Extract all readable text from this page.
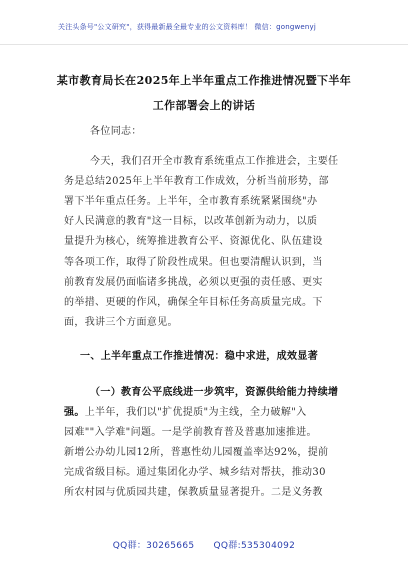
关注头条号"公文研究"，获得最新最全最专业的公文资料库！ 微信：gongwenyj
某市教育局长在2025年上半年重点工作推进情况暨下半年
工作部署会上的讲话
各位同志：
今天，我们召开全市教育系统重点工作推进会，主要任
务是总结2025年上半年教育工作成效，分析当前形势，部
署下半年重点任务。上半年，全市教育系统紧紧围绕"办
好人民满意的教育"这一目标，以改革创新为动力，以质
量提升为核心，统筹推进教育公平、资源优化、队伍建设
等各项工作，取得了阶段性成果。但也要清醒认识到，当
前教育发展仍面临诸多挑战，必须以更强的责任感、更实
的举措、更硬的作风，确保全年目标任务高质量完成。下
面，我讲三个方面意见。
一、上半年重点工作推进情况：稳中求进，成效显著
（一）教育公平底线进一步筑牢，资源供给能力持续增
强。上半年，我们以"扩优提质"为主线，全力破解"入
园难""入学难"问题。一是学前教育普及普惠加速推进。
新增公办幼儿园12所，普惠性幼儿园覆盖率达92%，提前
完成省级目标。通过集团化办学、城乡结对帮扶，推动30
所农村园与优质园共建，保教质量显著提升。二是义务教
QQ群：30265665 QQ群:535304092
